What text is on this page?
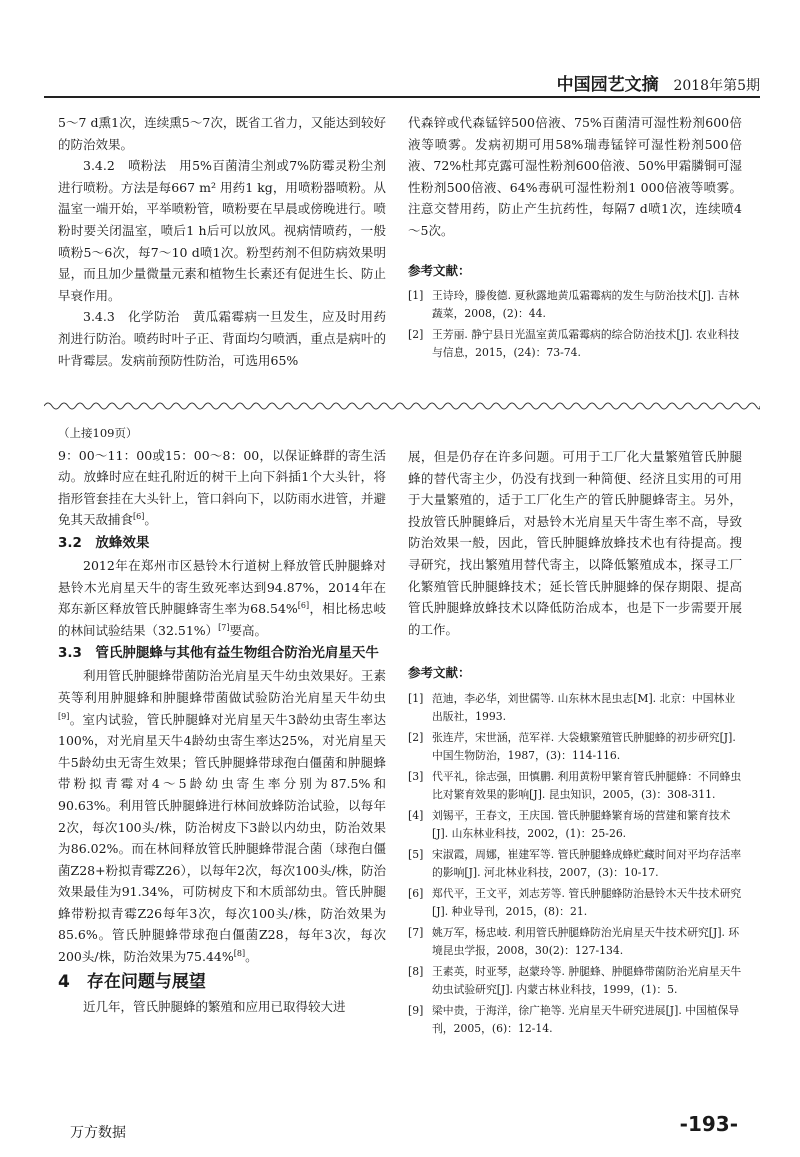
中国园艺文摘 2018年第5期

5～7 d熏1次，连续熏5～7次，既省工省力，又能达到较好的防治效果。

3.4.2　 喷粉法　 用5%百菌清尘剂或7%防霉灵粉尘剂进行喷粉。方法是每667 m² 用药1 kg，用喷粉器喷粉。从温室一端开始，平举喷粉管，喷粉要在早晨或傍晚进行。喷粉时要关闭温室，喷后1 h后可以放风。视病情喷药，一般喷粉5～6次，每7～10 d喷1次。粉型药剂不但防病效果明显，而且加少量微量元素和植物生长素还有促进生长、防止早衰作用。

3.4.3　 化学防治　 黄瓜霜霉病一旦发生，应及时用药剂进行防治。喷药时叶子正、背面均匀喷洒，重点是病叶的叶背霉层。发病前预防性防治，可选用65%

代森锌或代森锰锌500倍液、75%百菌清可湿性粉剂600倍液等喷雾。发病初期可用58%瑞毒锰锌可湿性粉剂500倍液、72%杜邦克露可湿性粉剂600倍液、50%甲霜膦铜可湿性粉剂500倍液、64%毒矾可湿性粉剂1 000倍液等喷雾。注意交替用药，防止产生抗药性，每隔7 d喷1次，连续喷4～5次。

参考文献：

[1] 王诗玲，滕俊德. 夏秋露地黄瓜霜霉病的发生与防治技术[J]. 吉林蔬菜，2008，(2)：44.
[2] 王芳丽. 静宁县日光温室黄瓜霜霉病的综合防治技术[J]. 农业科技与信息，2015，(24)：73-74.

（上接109页）

9：00～11：00或15：00～8：00，以保证蜂群的寄生活动。放蜂时应在蛀孔附近的树干上向下斜插1个大头针，将指形管套挂在大头针上，管口斜向下，以防雨水进管，并避免其天敌捕食[6]。

3.2　放蜂效果

2012年在郑州市区悬铃木行道树上释放管氏肿腿蜂对悬铃木光肩星天牛的寄生致死率达到94.87%，2014年在郑东新区释放管氏肿腿蜂寄生率为68.54%[6]，相比杨忠岐的林间试验结果（32.51%）[7]要高。

3.3　管氏肿腿蜂与其他有益生物组合防治光肩星天牛

利用管氏肿腿蜂带菌防治光肩星天牛幼虫效果好。王素英等利用肿腿蜂和肿腿蜂带菌做试验防治光肩星天牛幼虫[9]。室内试验，管氏肿腿蜂对光肩星天牛3龄幼虫寄生率达100%，对光肩星天牛4龄幼虫寄生率达25%，对光肩星天牛5龄幼虫无寄生效果；管氏肿腿蜂带球孢白僵菌和肿腿蜂带粉拟青霉对4～5龄幼虫寄生率分别为87.5%和90.63%。利用管氏肿腿蜂进行林间放蜂防治试验，以每年2次，每次100头/株，防治树皮下3龄以内幼虫，防治效果为86.02%。而在林间释放管氏肿腿蜂带混合菌（球孢白僵菌Z28+粉拟青霉Z26），以每年2次，每次100头/株，防治效果最佳为91.34%，可防树皮下和木质部幼虫。管氏肿腿蜂带粉拟青霉Z26每年3次，每次100头/株，防治效果为85.6%。管氏肿腿蜂带球孢白僵菌Z28，每年3次，每次200头/株，防治效果为75.44%[8]。

4　存在问题与展望

近几年，管氏肿腿蜂的繁殖和应用已取得较大进

展，但是仍存在许多问题。可用于工厂化大量繁殖管氏肿腿蜂的替代寄主少，仍没有找到一种简便、经济且实用的可用于大量繁殖的，适于工厂化生产的管氏肿腿蜂寄主。另外，投放管氏肿腿蜂后，对悬铃木光肩星天牛寄生率不高，导致防治效果一般，因此，管氏肿腿蜂放蜂技术也有待提高。搜寻研究，找出繁殖用替代寄主，以降低繁殖成本，探寻工厂化繁殖管氏肿腿蜂技术；延长管氏肿腿蜂的保存期限、提高管氏肿腿蜂放蜂技术以降低防治成本，也是下一步需要开展的工作。

参考文献：

[1] 范迪，李必华，刘世儒等. 山东林木昆虫志[M]. 北京：中国林业出版社，1993.
[2] 张连芹，宋世涵，范军祥. 大袋蛾繁殖管氏肿腿蜂的初步研究[J]. 中国生物防治，1987，(3)：114-116.
[3] 代平礼，徐志强，田慎鹏. 利用黄粉甲繁育管氏肿腿蜂：不同蜂虫比对繁育效果的影响[J]. 昆虫知识，2005，(3)：308-311.
[4] 刘锡平，王春文，王庆国. 管氏肿腿蜂繁育场的营建和繁育技术[J]. 山东林业科技，2002，(1)：25-26.
[5] 宋淑霞，周娜，崔建军等. 管氏肿腿蜂成蜂贮藏时间对平均存活率的影响[J]. 河北林业科技，2007，(3)：10-17.
[6] 郑代平，王文平，刘志芳等. 管氏肿腿蜂防治悬铃木天牛技术研究[J]. 种业导刊，2015，(8)：21.
[7] 姚万军，杨忠岐. 利用管氏肿腿蜂防治光肩星天牛技术研究[J]. 环境昆虫学报，2008，30(2)：127-134.
[8] 王素英，时亚琴，赵蒙玲等. 肿腿蜂、肿腿蜂带菌防治光肩星天牛幼虫试验研究[J]. 内蒙古林业科技，1999，(1)：5.
[9] 梁中贵，于海洋，徐广艳等. 光肩星天牛研究进展[J]. 中国植保导刊，2005，(6)：12-14.
万方数据	-193-
